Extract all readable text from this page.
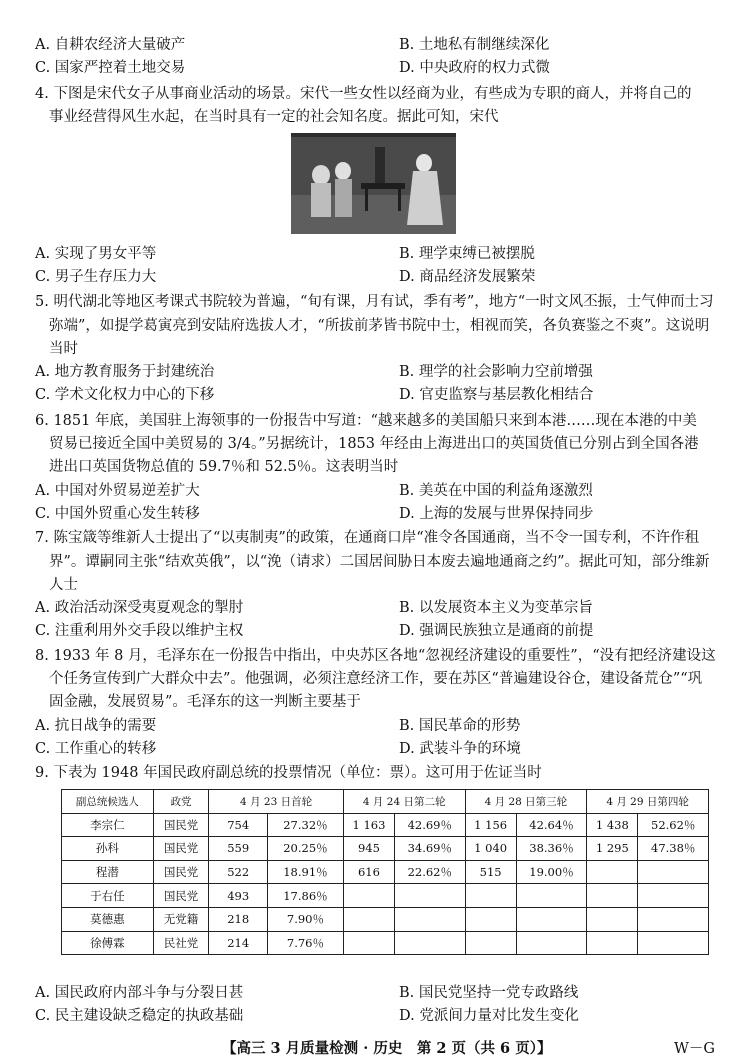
A. 自耕农经济大量破产	B. 土地私有制继续深化
C. 国家严控着土地交易	D. 中央政府的权力式微
4. 下图是宋代女子从事商业活动的场景。宋代一些女性以经商为业，有些成为专职的商人，并将自己的
事业经营得风生水起，在当时具有一定的社会知名度。据此可知，宋代
A. 实现了男女平等	B. 理学束缚已被摆脱
C. 男子生存压力大	D. 商品经济发展繁荣
5. 明代湖北等地区考课式书院较为普遍，“旬有课，月有试，季有考”，地方“一时文风丕振，士气伸而士习
弥端”，如提学葛寅亮到安陆府选拔人才，“所拔前茅皆书院中士，相视而笑，各负赛鉴之不爽”。这说明
当时
A. 地方教育服务于封建统治	B. 理学的社会影响力空前增强
C. 学术文化权力中心的下移	D. 官吏监察与基层教化相结合
6. 1851 年底，美国驻上海领事的一份报告中写道：“越来越多的美国船只来到本港……现在本港的中美
贸易已接近全国中美贸易的 3/4。”另据统计，1853 年经由上海进出口的英国货值已分别占到全国各港
进出口英国货物总值的 59.7％和 52.5％。这表明当时
A. 中国对外贸易逆差扩大	B. 美英在中国的利益角逐激烈
C. 中国外贸重心发生转移	D. 上海的发展与世界保持同步
7. 陈宝箴等维新人士提出了“以夷制夷”的政策，在通商口岸“准令各国通商，当不令一国专利，不许作租
界”。谭嗣同主张“结欢英俄”，以“浼（请求）二国居间胁日本废去遍地通商之约”。据此可知，部分维新
人士
A. 政治活动深受夷夏观念的掣肘	B. 以发展资本主义为变革宗旨
C. 注重利用外交手段以维护主权	D. 强调民族独立是通商的前提
8. 1933 年 8 月，毛泽东在一份报告中指出，中央苏区各地“忽视经济建设的重要性”，“没有把经济建设这
个任务宣传到广大群众中去”。他强调，必须注意经济工作，要在苏区“普遍建设谷仓，建设备荒仓”“巩
固金融，发展贸易”。毛泽东的这一判断主要基于
A. 抗日战争的需要	B. 国民革命的形势
C. 工作重心的转移	D. 武装斗争的环境
9. 下表为 1948 年国民政府副总统的投票情况（单位：票）。这可用于佐证当时
副总统候选人	政党	4 月 23 日首轮		4 月 24 日第二轮		4 月 28 日第三轮		4 月 29 日第四轮	
李宗仁	国民党	754	27.32％	1 163	42.69％	1 156	42.64％	1 438	52.62％
孙科	国民党	559	20.25％	945	34.69％	1 040	38.36％	1 295	47.38％
程潜	国民党	522	18.91％	616	22.62％	515	19.00％		
于右任	国民党	493	17.86％						
莫德惠	无党籍	218	7.90％						
徐傅霖	民社党	214	7.76％						
A. 国民政府内部斗争与分裂日甚	B. 国民党坚持一党专政路线
C. 民主建设缺乏稳定的执政基础	D. 党派间力量对比发生变化
【高三 3 月质量检测 · 历史　第 2 页（共 6 页）】	W－G
